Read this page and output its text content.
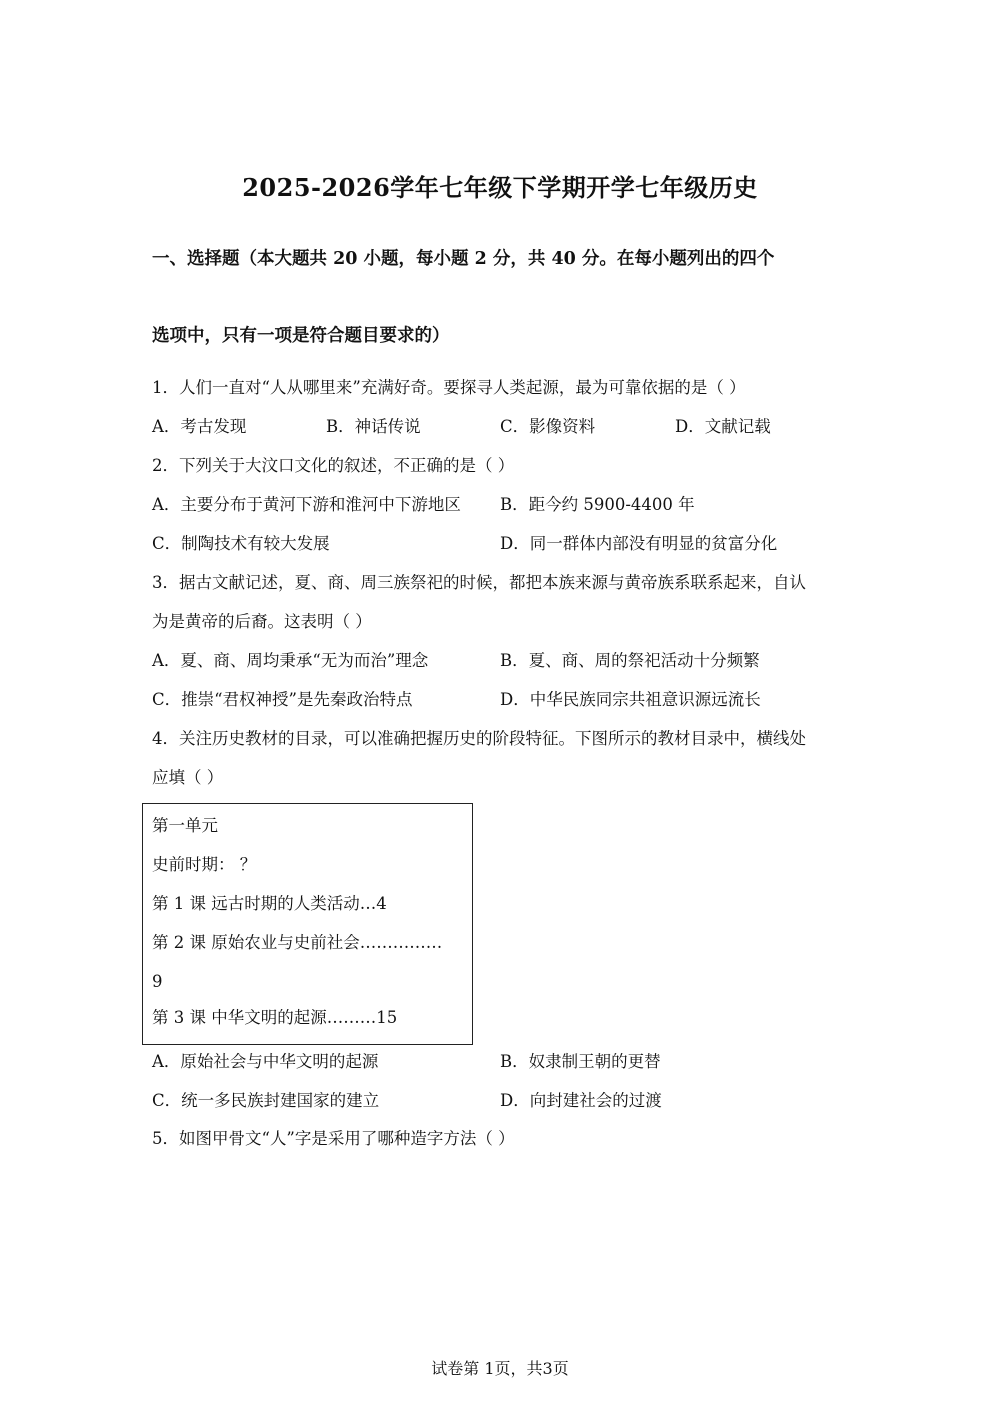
2025-2026学年七年级下学期开学七年级历史
一、选择题（本大题共 20 小题，每小题 2 分，共 40 分。在每小题列出的四个
选项中，只有一项是符合题目要求的）
1．人们一直对“人从哪里来”充满好奇。要探寻人类起源，最为可靠依据的是（ ）
A．考古发现	B．神话传说	C．影像资料	D．文献记载
2．下列关于大汶口文化的叙述，不正确的是（ ）
A．主要分布于黄河下游和淮河中下游地区 B．距今约 5900-4400 年
C．制陶技术有较大发展	D．同一群体内部没有明显的贫富分化
3．据古文献记述，夏、商、周三族祭祀的时候，都把本族来源与黄帝族系联系起来，自认
为是黄帝的后裔。这表明（ ）
A．夏、商、周均秉承“无为而治”理念	B．夏、商、周的祭祀活动十分频繁
C．推崇“君权神授”是先秦政治特点	D．中华民族同宗共祖意识源远流长
4．关注历史教材的目录，可以准确把握历史的阶段特征。下图所示的教材目录中，横线处
应填（ ）
第一单元
史前时期： ？
第 1 课 远古时期的人类活动…4
第 2 课 原始农业与史前社会……………
9
第 3 课 中华文明的起源………15
A．原始社会与中华文明的起源	B．奴隶制王朝的更替
C．统一多民族封建国家的建立	D．向封建社会的过渡
5．如图甲骨文“人”字是采用了哪种造字方法（ ）
试卷第 1页，共3页
